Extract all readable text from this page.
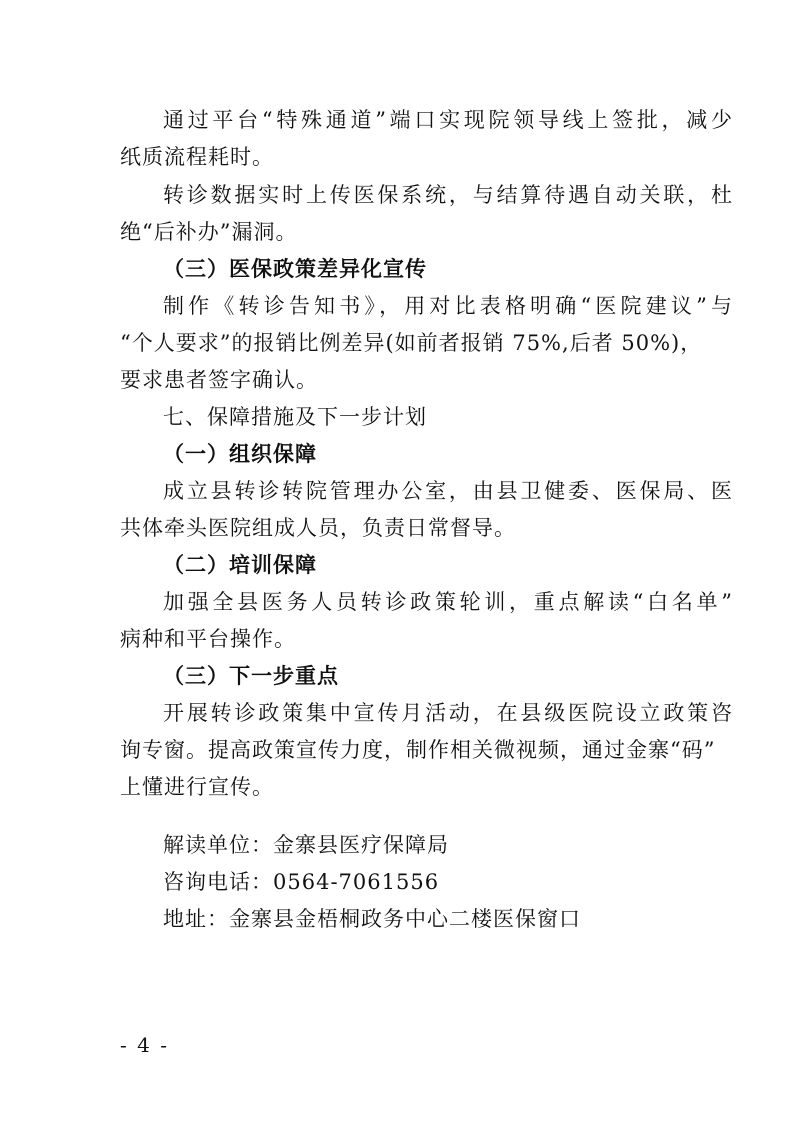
通过平台“特殊通道”端口实现院领导线上签批，减少
纸质流程耗时。
转诊数据实时上传医保系统，与结算待遇自动关联，杜
绝“后补办”漏洞。
（三）医保政策差异化宣传
制作《转诊告知书》，用对比表格明确“医院建议”与
“个人要求”的报销比例差异(如前者报销 75%,后者 50%)，
要求患者签字确认。
七、保障措施及下一步计划
（一）组织保障
成立县转诊转院管理办公室，由县卫健委、医保局、医
共体牵头医院组成人员，负责日常督导。
（二）培训保障
加强全县医务人员转诊政策轮训，重点解读“白名单”
病种和平台操作。
（三）下一步重点
开展转诊政策集中宣传月活动，在县级医院设立政策咨
询专窗。提高政策宣传力度，制作相关微视频，通过金寨“码”
上懂进行宣传。
解读单位：金寨县医疗保障局
咨询电话：0564-7061556
地址：金寨县金梧桐政务中心二楼医保窗口
- 4 -
